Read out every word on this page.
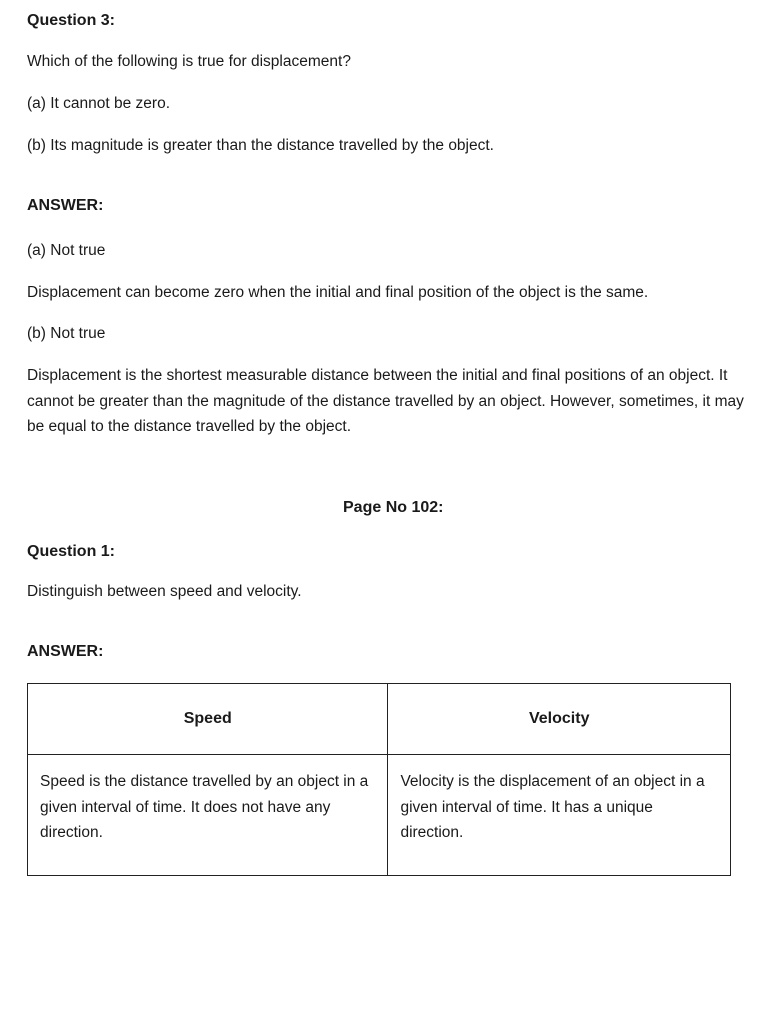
Question 3:

Which of the following is true for displacement?

(a) It cannot be zero.

(b) Its magnitude is greater than the distance travelled by the object.

ANSWER:

(a) Not true

Displacement can become zero when the initial and final position of the object is the same.

(b) Not true

Displacement is the shortest measurable distance between the initial and final positions of an object. It cannot be greater than the magnitude of the distance travelled by an object. However, sometimes, it may be equal to the distance travelled by the object.

Page No 102:

Question 1:

Distinguish between speed and velocity.

ANSWER:

Speed	Velocity
Speed is the distance travelled by an object in a given interval of time. It does not have any direction.	Velocity is the displacement of an object in a given interval of time. It has a unique direction.
